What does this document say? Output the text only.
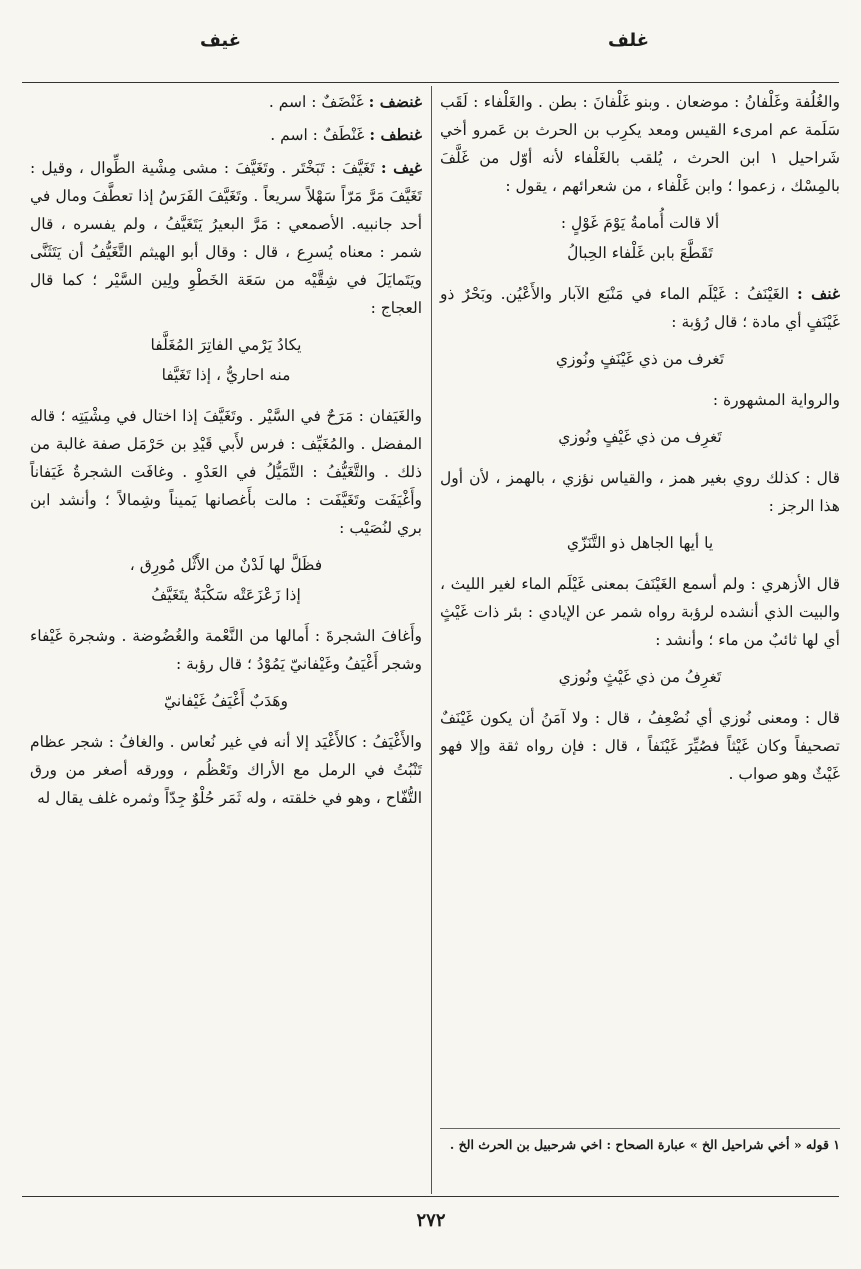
غلف
غيف

والغُلُفة وغَلْفانُ : موضعان . وبنو غَلْفانَ : بطن . والغَلْفاء : لَقَب سَلَمة عم امرىء القيس ومعد يكرِب بن الحرث بن عَمرو أخي شَراحيل ١ ابن الحرث ، يُلقب بالغَلْفاء لأنه أوّل من غَلَّفَ بالمِسْك ، زعموا ؛ وابن غَلْفاء ، من شعرائهم ، يقول :

ألا قالت أُمامةُ يَوْمَ غَوْلٍ :
تَقَطَّعَ بابن غَلْفاء الحِبالُ

غنف : الغَيْنَفُ : غَيْلَم الماء في مَنْبَع الآبار والأَعْيُن. وبَحْرٌ ذو غَيْنَفٍ أي مادة ؛ قال رُؤبة :

تَغرف من ذي غَيْنَفٍ ونُوزي

والرواية المشهورة :

تَغرِف من ذي غَيْفٍ ونُوزي

قال : كذلك روي بغير همز ، والقياس نؤزي ، بالهمز ، لأن أول هذا الرجز :

يا أيها الجاهل ذو التَّنَزّي

قال الأزهري : ولم أسمع الغَيْنَفَ بمعنى غَيْلَم الماء لغير الليث ، والبيت الذي أنشده لرؤبة رواه شمر عن الإيادي : بئر ذات غَيْثٍ أي لها ثائبٌ من ماء ؛ وأنشد :

تَغرِفُ من ذي غَيْثٍ ونُوزي

قال : ومعنى نُوزي أي نُضْعِفُ ، قال : ولا آمَنُ أن يكون غَيْنَفٌ تصحيفاً وكان غَيْثاً فصُيِّرَ غَيْنَفاً ، قال : فإن رواه ثقة وإلا فهو غَيْثٌ وهو صواب .

١ قوله « أخي شراحيل الخ » عبارة الصحاح : اخي شرحبيل بن الحرث الخ .

غنضف : غَنْضَفٌ : اسم .

غنطف : غَنْطَفٌ : اسم .

غيف : تَغَيَّفَ : تَبَخْتَر . وتَغَيَّفَ : مشى مِشْية الطِّوال ، وقيل : تَغَيَّفَ مَرَّ مَرّاً سَهْلاً سريعاً . وتَغَيَّفَ الفَرَسُ إذا تعطَّفَ ومال في أحد جانبيه. الأصمعي : مَرَّ البعيرُ يَتَغَيَّفُ ، ولم يفسره ، قال شمر : معناه يُسرِع ، قال : وقال أبو الهيثم التَّغَيُّفُ أن يَتَثَنَّى ويَتَمايَلَ في شِقَّيْه من سَعَة الخَطْوِ ولِين السَّيْر ؛ كما قال العجاج :

يكادُ يَرْمي الفاتِرَ المُغَلَّفا
منه احاريُّ ، إذا تَغَيَّفا

والغَيَفان : مَرَحٌ في السَّيْر . وتَغَيَّفَ إذا اختال في مِشْيَتِه ؛ قاله المفضل . والمُغَيِّف : فرس لأَبي قَيْدِ بن حَرْمَل صفة غالبة من ذلك . والتَّغَيُّفُ : التَّمَيُّلُ في العَدْوِ . وغافَت الشجرةُ غَيَفاناً وأَغْيَفَت وتَغَيَّفَت : مالت بأَغصانها يَميناً وشِمالاً ؛ وأنشد ابن بري لنُصَيْب :

فظَلَّ لها لَدْنٌ من الأَثْل مُورِق ،
إذا زَعْزَعَتْه سَكْبَةٌ يتَغَيَّفُ

وأَغافَ الشجرةَ : أَمالها من النَّعْمة والغُضُوضة . وشجرة غَيْفاء وشجر أَغْيَفُ وغَيْفانيّ يَمُوْدُ ؛ قال رؤبة :

وهَدَبٌ أَغْيَفُ غَيْفانيّ

والأَغْيَفُ : كالأَغْيَد إلا أنه في غير نُعاس . والغافُ : شجر عظام تَنْبُتُ في الرمل مع الأراك وتَعْظُم ، وورقه أصغر من ورق التُّفّاح ، وهو في خلقته ، وله ثَمَر حُلْوٌ جِدّاً وثمره غلف يقال له

٢٧٢
